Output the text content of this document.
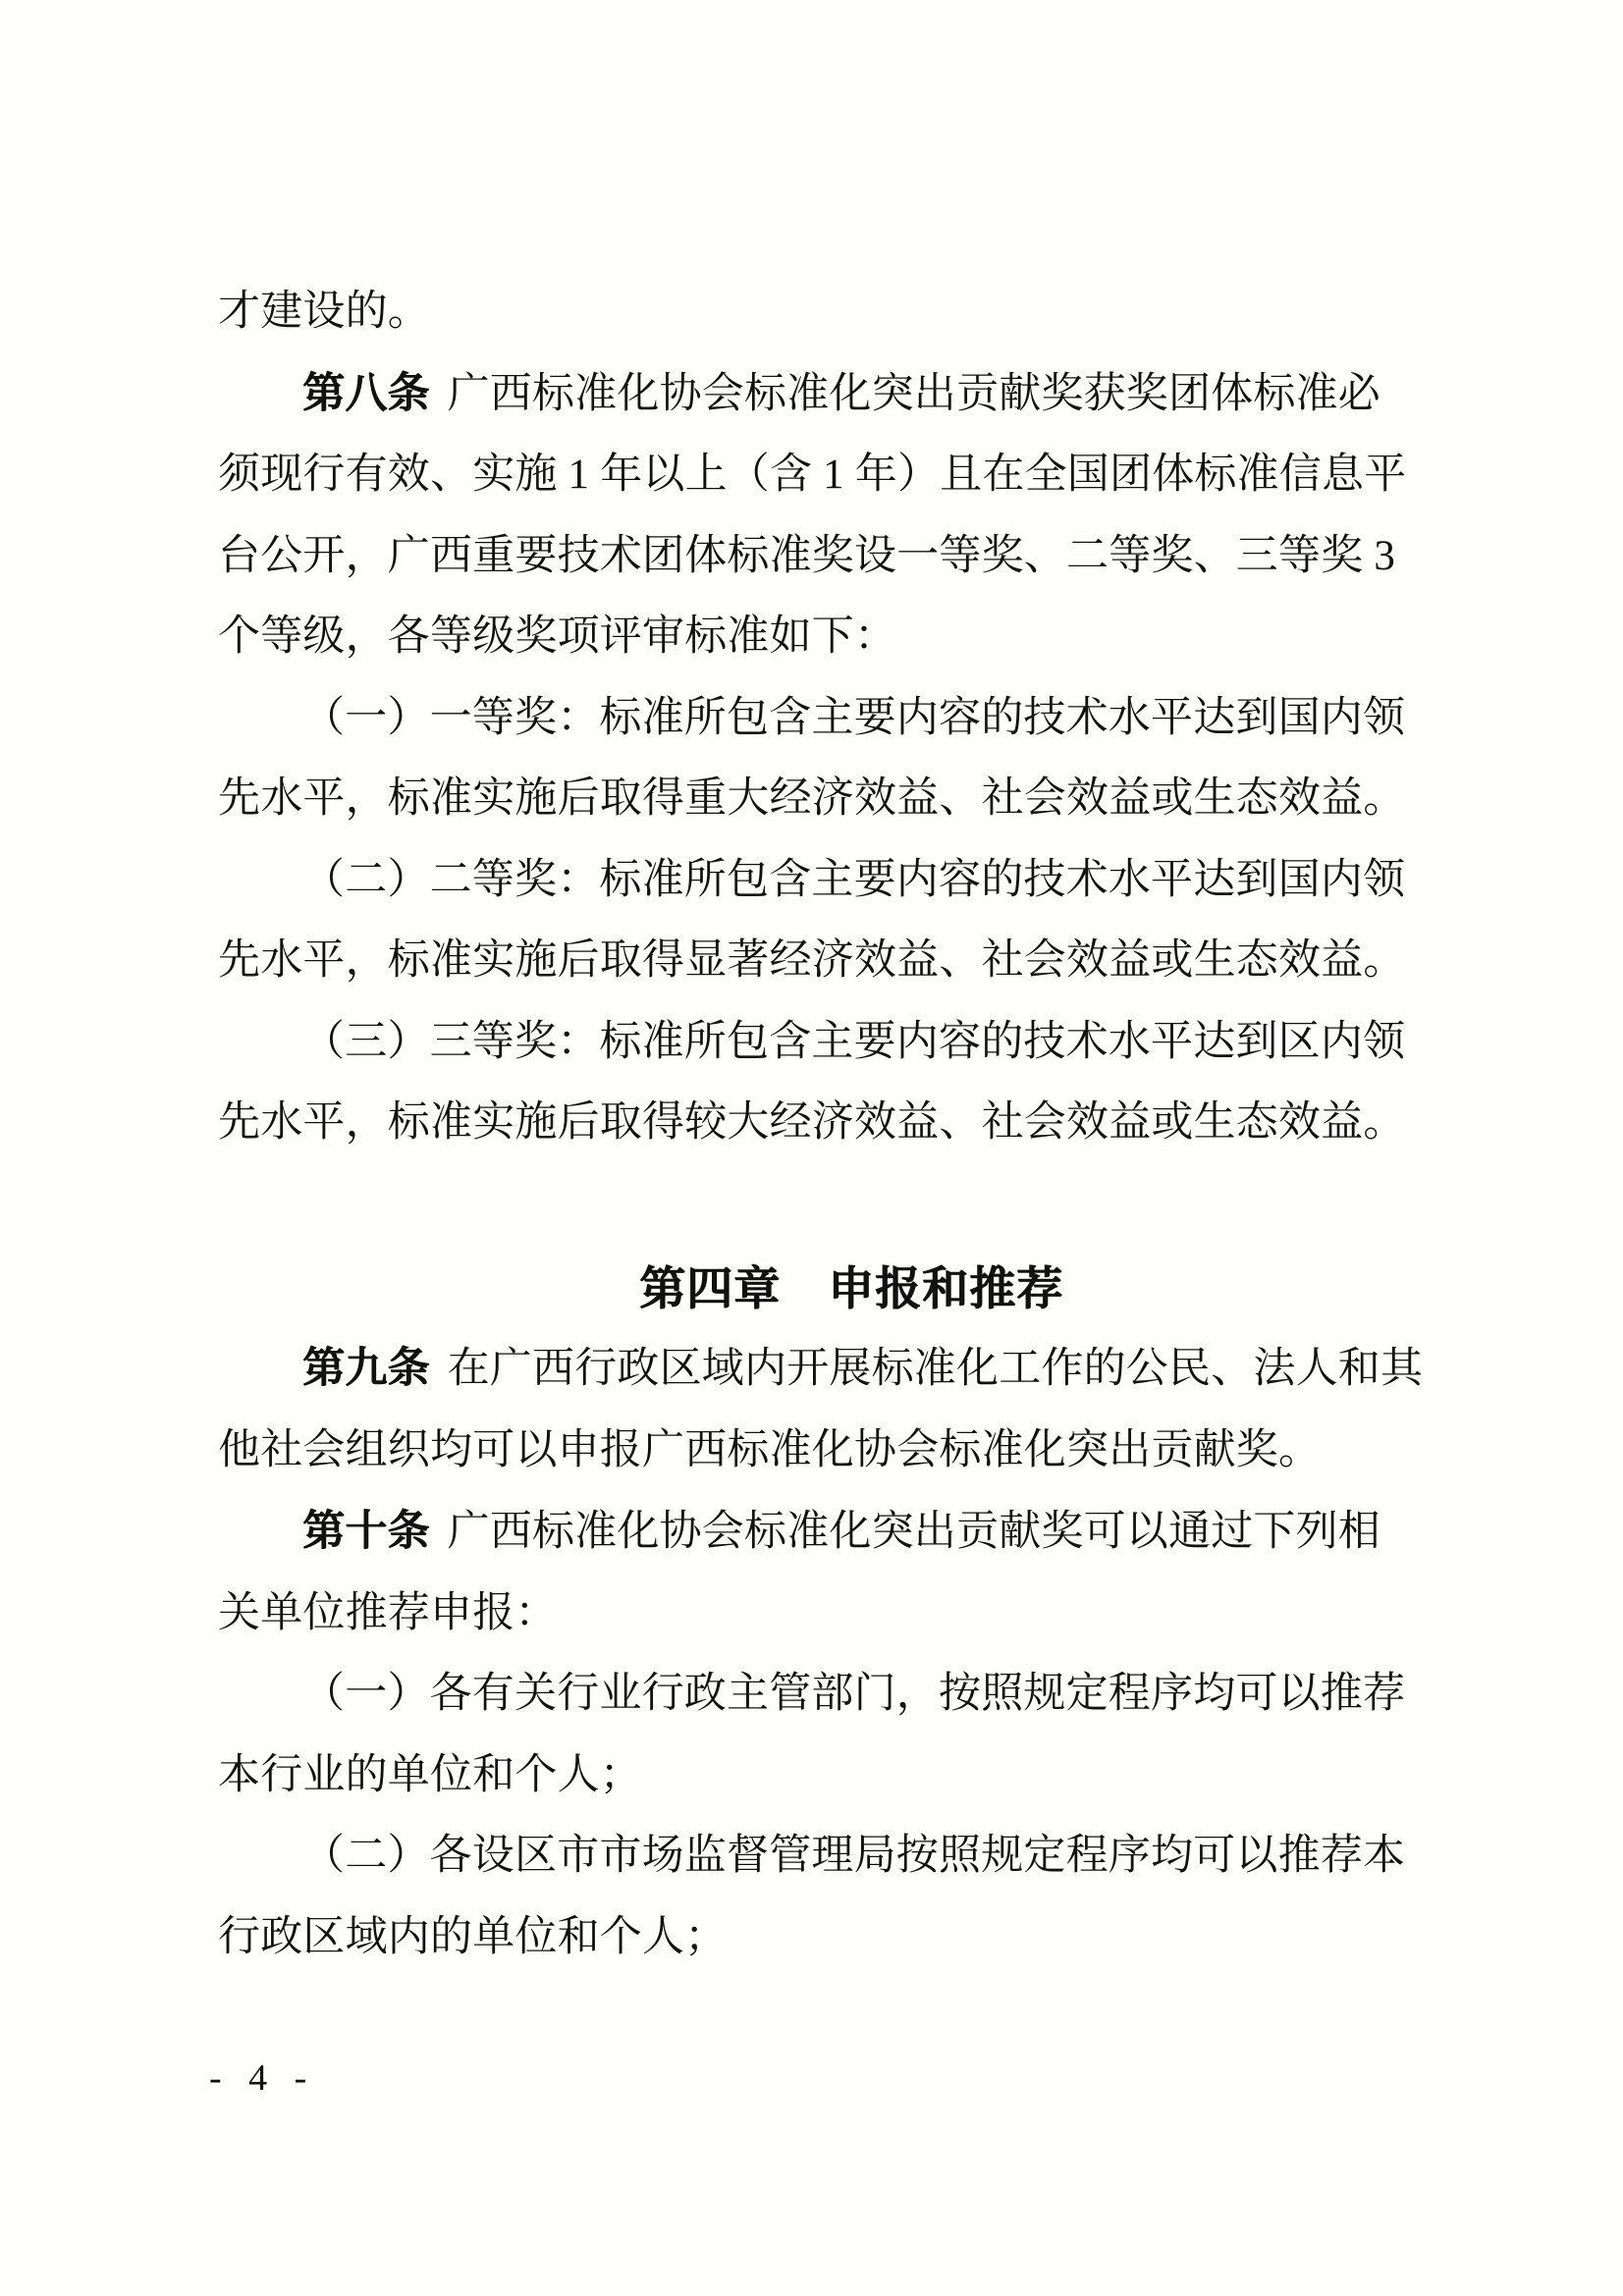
才建设的。
第八条 广西标准化协会标准化突出贡献奖获奖团体标准必
须现行有效、实施 1 年以上（含 1 年）且在全国团体标准信息平
台公开，广西重要技术团体标准奖设一等奖、二等奖、三等奖 3
个等级，各等级奖项评审标准如下：
（一）一等奖：标准所包含主要内容的技术水平达到国内领
先水平，标准实施后取得重大经济效益、社会效益或生态效益。
（二）二等奖：标准所包含主要内容的技术水平达到国内领
先水平，标准实施后取得显著经济效益、社会效益或生态效益。
（三）三等奖：标准所包含主要内容的技术水平达到区内领
先水平，标准实施后取得较大经济效益、社会效益或生态效益。
第四章　申报和推荐
第九条 在广西行政区域内开展标准化工作的公民、法人和其
他社会组织均可以申报广西标准化协会标准化突出贡献奖。
第十条 广西标准化协会标准化突出贡献奖可以通过下列相
关单位推荐申报：
（一）各有关行业行政主管部门，按照规定程序均可以推荐
本行业的单位和个人；
（二）各设区市市场监督管理局按照规定程序均可以推荐本
行政区域内的单位和个人；
- 4 -
